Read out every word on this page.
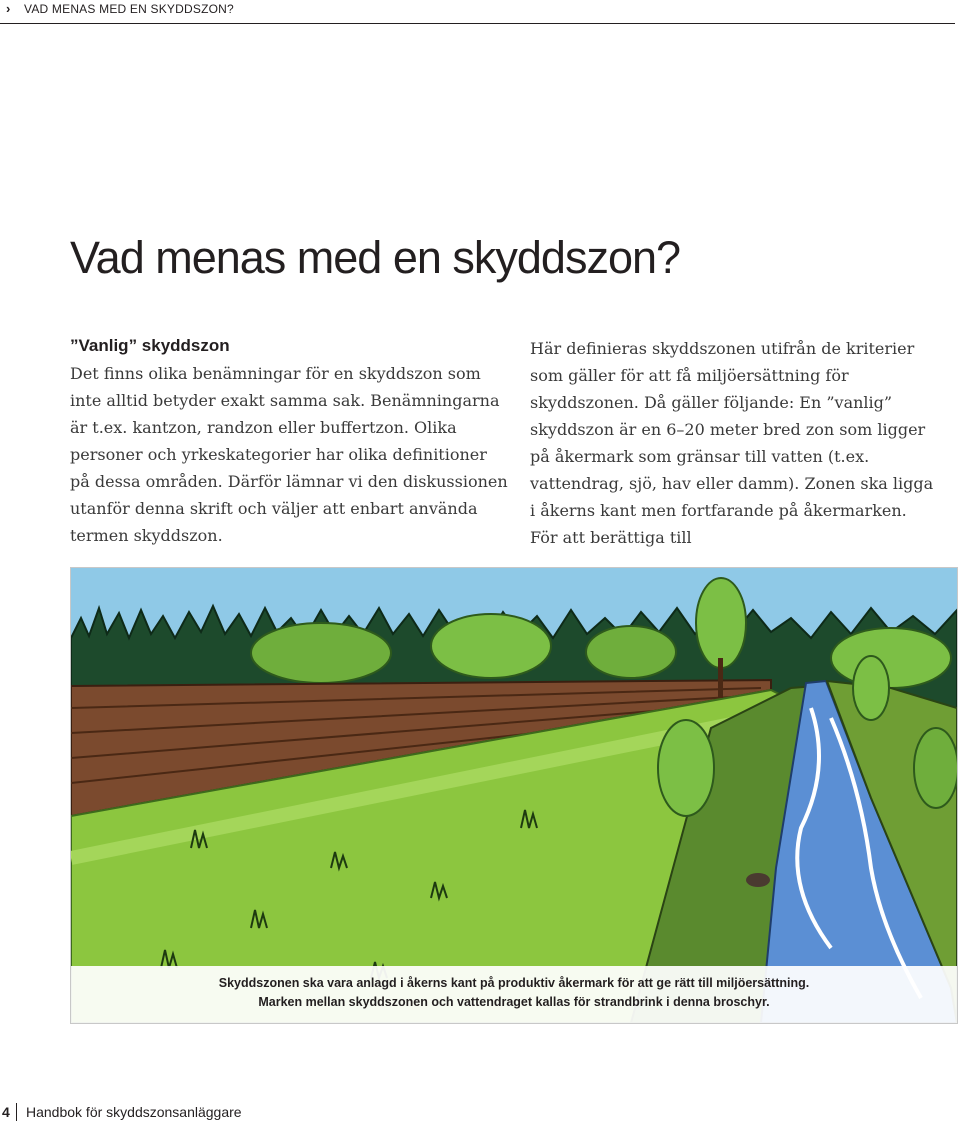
› VAD MENAS MED EN SKYDDSZON?
Vad menas med en skyddszon?
”Vanlig” skyddszon

Det finns olika benämningar för en skyddszon som inte alltid betyder exakt samma sak. Benämningarna är t.ex. kantzon, randzon eller buffertzon. Olika personer och yrkeskategorier har olika definitioner på dessa områden. Därför lämnar vi den diskussionen utanför denna skrift och väljer att enbart använda termen skyddszon.

Här definieras skyddszonen utifrån de kriterier som gäller för att få miljöersättning för skyddszonen. Då gäller följande: En ”vanlig” skyddszon är en 6–20 meter bred zon som ligger på åkermark som gränsar till vatten (t.ex. vattendrag, sjö, hav eller damm). Zonen ska ligga i åkerns kant men fortfarande på åkermarken. För att berättiga till

Skyddszonen ska vara anlagd i åkerns kant på produktiv åkermark för att ge rätt till miljöersättning.
Marken mellan skyddszonen och vattendraget kallas för strandbrink i denna broschyr.
4 Handbok för skyddszonsanläggare
